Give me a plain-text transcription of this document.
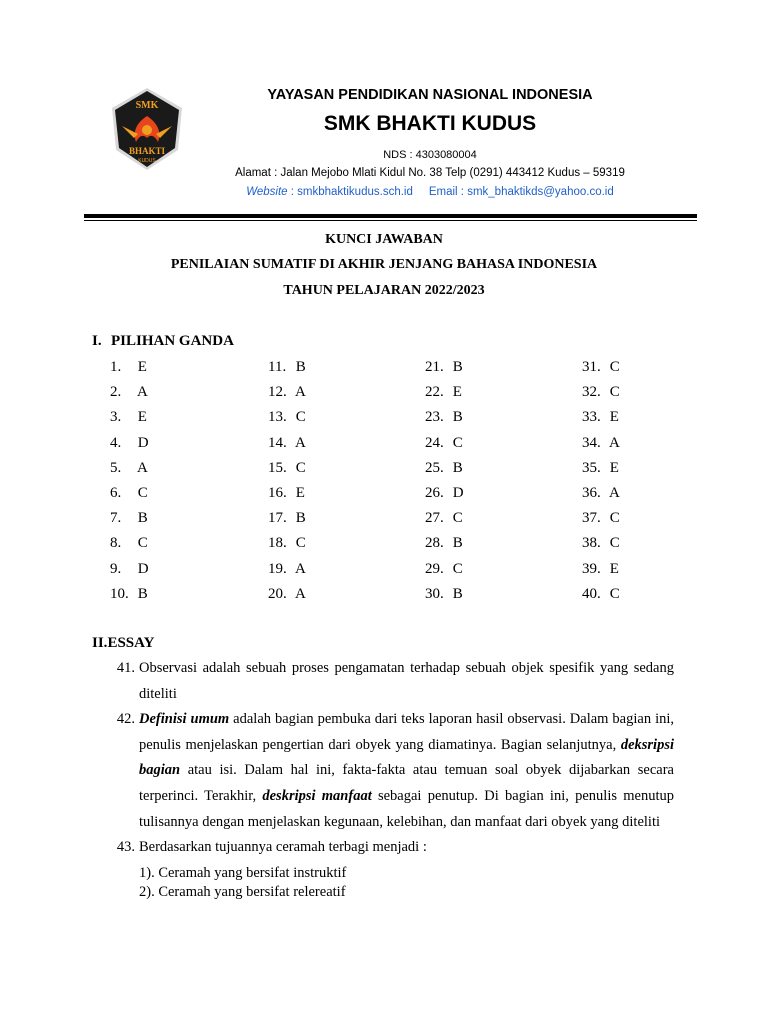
SMK
BHAKTI
KUDUS
YAYASAN PENDIDIKAN NASIONAL INDONESIA
SMK BHAKTI KUDUS
NDS : 4303080004
Alamat : Jalan Mejobo Mlati Kidul No. 38 Telp (0291) 443412 Kudus – 59319
Website : smkbhaktikudus.sch.id Email : smk_bhaktikds@yahoo.co.id
KUNCI JAWABAN
PENILAIAN SUMATIF DI AKHIR JENJANG BAHASA INDONESIA
TAHUN PELAJARAN 2022/2023
I. PILIHAN GANDA
1. E
2. A
3. E
4. D
5. A
6. C
7. B
8. C
9. D
10. B
11. B
12. A
13. C
14. A
15. C
16. E
17. B
18. C
19. A
20. A
21. B
22. E
23. B
24. C
25. B
26. D
27. C
28. B
29. C
30. B
31. C
32. C
33. E
34. A
35. E
36. A
37. C
38. C
39. E
40. C
II.ESSAY
41. Observasi adalah sebuah proses pengamatan terhadap sebuah objek spesifik yang sedang diteliti
42. Definisi umum adalah bagian pembuka dari teks laporan hasil observasi. Dalam bagian ini, penulis menjelaskan pengertian dari obyek yang diamatinya. Bagian selanjutnya, deksripsi bagian atau isi. Dalam hal ini, fakta-fakta atau temuan soal obyek dijabarkan secara terperinci. Terakhir, deskripsi manfaat sebagai penutup. Di bagian ini, penulis menutup tulisannya dengan menjelaskan kegunaan, kelebihan, dan manfaat dari obyek yang diteliti
43. Berdasarkan tujuannya ceramah terbagi menjadi :
1). Ceramah yang bersifat instruktif
2). Ceramah yang bersifat relereatif
